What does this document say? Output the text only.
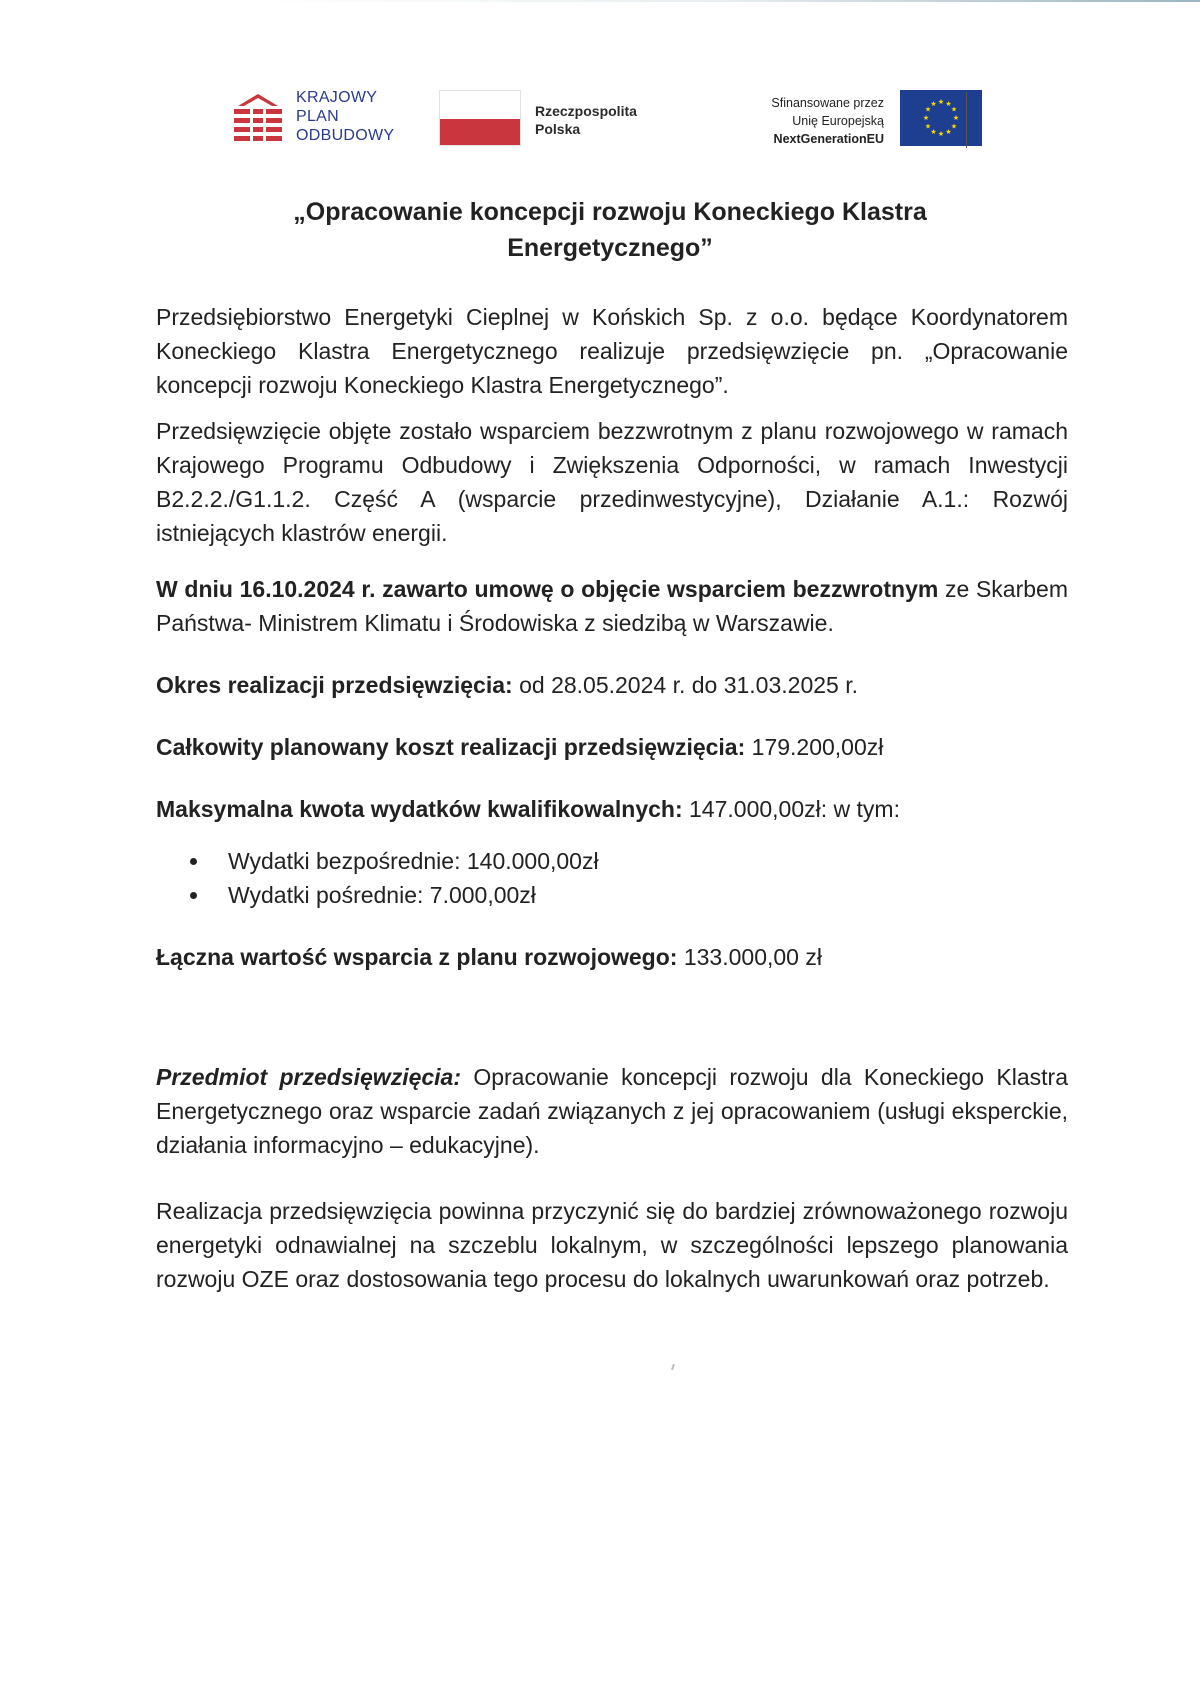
KRAJOWY
PLAN
ODBUDOWY
Rzeczpospolita
Polska
Sfinansowane przez
Unię Europejską
NextGenerationEU
★ ★
★
★
★
★
★
★
★
★
★
★
„Opracowanie koncepcji rozwoju Koneckiego Klastra
Energetycznego”

Przedsiębiorstwo Energetyki Cieplnej w Końskich Sp. z o.o. będące Koordynatorem Koneckiego Klastra Energetycznego realizuje przedsięwzięcie pn. „Opracowanie koncepcji rozwoju Koneckiego Klastra Energetycznego”.

Przedsięwzięcie objęte zostało wsparciem bezzwrotnym z planu rozwojowego w ramach Krajowego Programu Odbudowy i Zwiększenia Odporności, w ramach Inwestycji B2.2.2./G1.1.2. Część A (wsparcie przedinwestycyjne), Działanie A.1.: Rozwój istniejących klastrów energii.

W dniu 16.10.2024 r. zawarto umowę o objęcie wsparciem bezzwrotnym ze Skarbem Państwa- Ministrem Klimatu i Środowiska z siedzibą w Warszawie.

Okres realizacji przedsięwzięcia: od 28.05.2024 r. do 31.03.2025 r.

Całkowity planowany koszt realizacji przedsięwzięcia: 179.200,00zł

Maksymalna kwota wydatków kwalifikowalnych: 147.000,00zł: w tym:

Wydatki bezpośrednie: 140.000,00zł
Wydatki pośrednie: 7.000,00zł

Łączna wartość wsparcia z planu rozwojowego: 133.000,00 zł

Przedmiot przedsięwzięcia: Opracowanie koncepcji rozwoju dla Koneckiego Klastra Energetycznego oraz wsparcie zadań związanych z jej opracowaniem (usługi eksperckie, działania informacyjno – edukacyjne).

Realizacja przedsięwzięcia powinna przyczynić się do bardziej zrównoważonego rozwoju energetyki odnawialnej na szczeblu lokalnym, w szczególności lepszego planowania rozwoju OZE oraz dostosowania tego procesu do lokalnych uwarunkowań oraz potrzeb.
